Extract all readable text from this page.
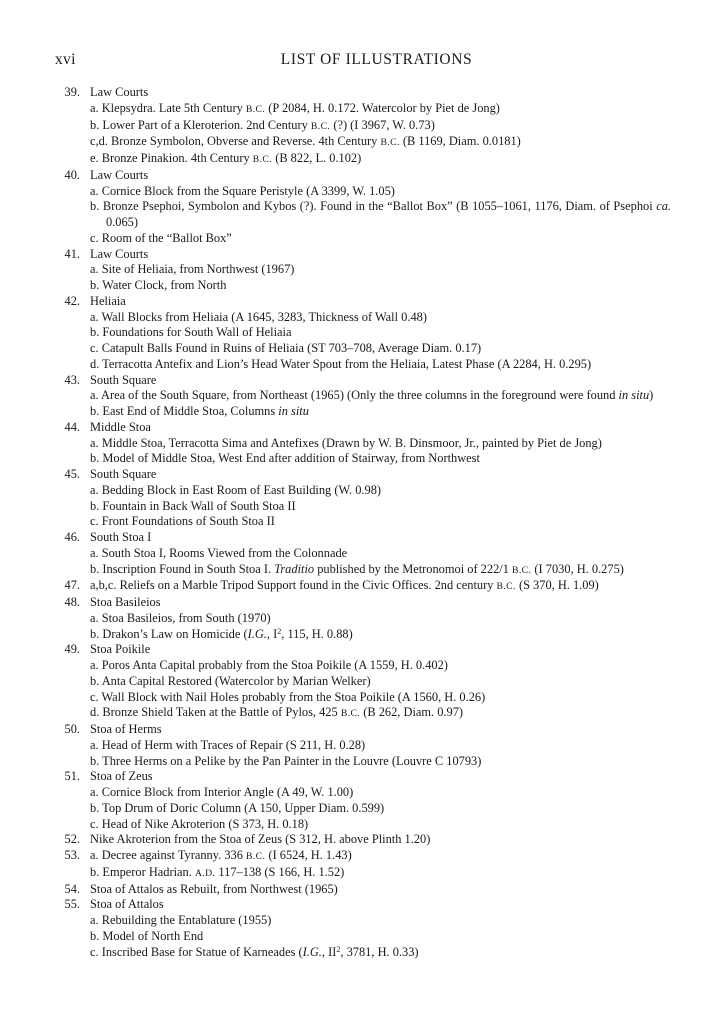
xvi	LIST OF ILLUSTRATIONS
39. Law Courts
a. Klepsydra. Late 5th Century B.C. (P 2084, H. 0.172. Watercolor by Piet de Jong)
b. Lower Part of a Kleroterion. 2nd Century B.C. (?) (I 3967, W. 0.73)
c,d. Bronze Symbolon, Obverse and Reverse. 4th Century B.C. (B 1169, Diam. 0.0181)
e. Bronze Pinakion. 4th Century B.C. (B 822, L. 0.102)
40. Law Courts
a. Cornice Block from the Square Peristyle (A 3399, W. 1.05)
b. Bronze Psephoi, Symbolon and Kybos (?). Found in the “Ballot Box” (B 1055–1061, 1176, Diam. of Psephoi ca. 0.065)
c. Room of the “Ballot Box”
41. Law Courts
a. Site of Heliaia, from Northwest (1967)
b. Water Clock, from North
42. Heliaia
a. Wall Blocks from Heliaia (A 1645, 3283, Thickness of Wall 0.48)
b. Foundations for South Wall of Heliaia
c. Catapult Balls Found in Ruins of Heliaia (ST 703–708, Average Diam. 0.17)
d. Terracotta Antefix and Lion’s Head Water Spout from the Heliaia, Latest Phase (A 2284, H. 0.295)
43. South Square
a. Area of the South Square, from Northeast (1965) (Only the three columns in the foreground were found in situ)
b. East End of Middle Stoa, Columns in situ
44. Middle Stoa
a. Middle Stoa, Terracotta Sima and Antefixes (Drawn by W. B. Dinsmoor, Jr., painted by Piet de Jong)
b. Model of Middle Stoa, West End after addition of Stairway, from Northwest
45. South Square
a. Bedding Block in East Room of East Building (W. 0.98)
b. Fountain in Back Wall of South Stoa II
c. Front Foundations of South Stoa II
46. South Stoa I
a. South Stoa I, Rooms Viewed from the Colonnade
b. Inscription Found in South Stoa I. Traditio published by the Metronomoi of 222/1 B.C. (I 7030, H. 0.275)
47. a,b,c. Reliefs on a Marble Tripod Support found in the Civic Offices. 2nd century B.C. (S 370, H. 1.09)
48. Stoa Basileios
a. Stoa Basileios, from South (1970)
b. Drakon’s Law on Homicide (I.G., $I^2$, 115, H. 0.88)
49. Stoa Poikile
a. Poros Anta Capital probably from the Stoa Poikile (A 1559, H. 0.402)
b. Anta Capital Restored (Watercolor by Marian Welker)
c. Wall Block with Nail Holes probably from the Stoa Poikile (A 1560, H. 0.26)
d. Bronze Shield Taken at the Battle of Pylos, 425 B.C. (B 262, Diam. 0.97)
50. Stoa of Herms
a. Head of Herm with Traces of Repair (S 211, H. 0.28)
b. Three Herms on a Pelike by the Pan Painter in the Louvre (Louvre C 10793)
51. Stoa of Zeus
a. Cornice Block from Interior Angle (A 49, W. 1.00)
b. Top Drum of Doric Column (A 150, Upper Diam. 0.599)
c. Head of Nike Akroterion (S 373, H. 0.18)
52. Nike Akroterion from the Stoa of Zeus (S 312, H. above Plinth 1.20)
53. a. Decree against Tyranny. 336 B.C. (I 6524, H. 1.43)
b. Emperor Hadrian. A.D. 117–138 (S 166, H. 1.52)
54. Stoa of Attalos as Rebuilt, from Northwest (1965)
55. Stoa of Attalos
a. Rebuilding the Entablature (1955)
b. Model of North End
c. Inscribed Base for Statue of Karneades (I.G., $II^2$, 3781, H. 0.33)
